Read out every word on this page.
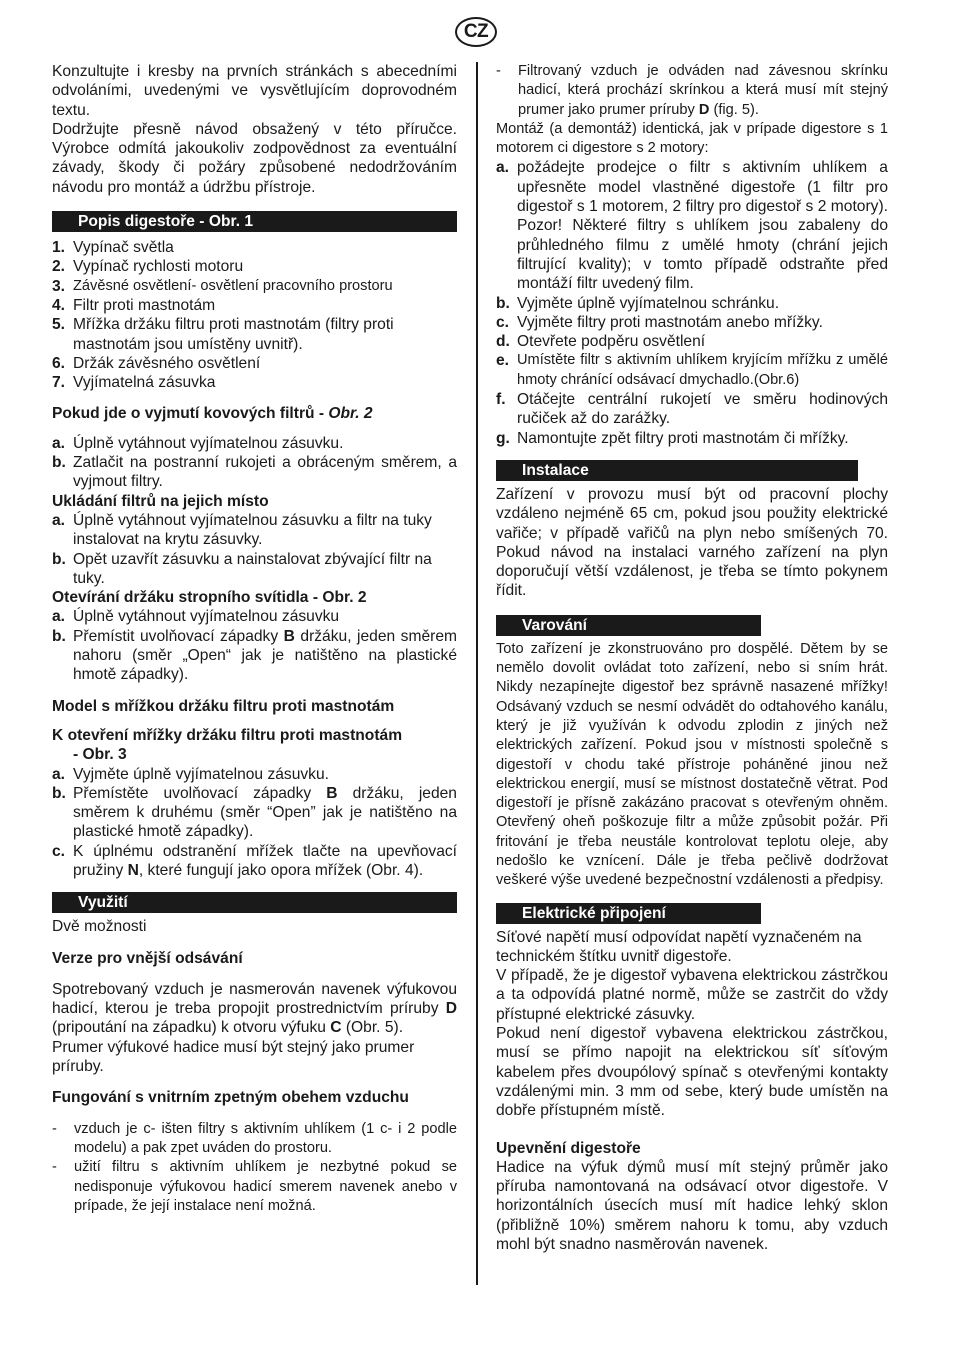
CZ

Konzultujte i kresby na prvních stránkách s abecedními odvoláními, uvedenými ve vysvětlujícím doprovodném textu.

Dodržujte přesně návod obsažený v této příručce. Výrobce odmítá jakoukoliv zodpovědnost za eventuální závady, škody či požáry způsobené nedodržováním návodu pro montáž a údržbu přístroje.

Popis digestoře - Obr. 1
1. Vypínač světla
2. Vypínač rychlosti motoru
3. Závěsné osvětlení- osvětlení pracovního prostoru
4. Filtr proti mastnotám
5. Mřížka držáku filtru proti mastnotám (filtry proti mastnotám jsou umístěny uvnitř).
6. Držák závěsného osvětlení
7. Vyjímatelná zásuvka

Pokud jde o vyjmutí kovových filtrů - Obr. 2

a. Úplně vytáhnout vyjímatelnou zásuvku.
b. Zatlačit na postranní rukojeti a obráceným směrem, a vyjmout filtry.

Ukládání filtrů na jejich místo

a. Úplně vytáhnout vyjímatelnou zásuvku a filtr na tuky instalovat na krytu zásuvky.
b. Opět uzavřít zásuvku a nainstalovat zbývající filtr na tuky.

Otevírání držáku stropního svítidla - Obr. 2

a. Úplně vytáhnout vyjímatelnou zásuvku
b. Přemístit uvolňovací západky B držáku, jeden směrem nahoru (směr „Open“ jak je natištěno na plastické hmotě západky).

Model s mřížkou držáku filtru proti mastnotám

K otevření mřížky držáku filtru proti mastnotám

- Obr. 3

a. Vyjměte úplně vyjímatelnou zásuvku.
b. Přemístěte uvolňovací západky B držáku, jeden směrem k druhému (směr “Open” jak je natištěno na plastické hmotě západky).
c. K úplnému odstranění mřížek tlačte na upevňovací pružiny N, které fungují jako opora mřížek (Obr. 4).
Využití

Dvě možnosti

Verze pro vnější odsávání

Spotrebovaný vzduch je nasmerován navenek výfukovou hadicí, kterou je treba propojit prostrednictvím príruby D (pripoutání na západku) k otvoru výfuku C (Obr. 5).

Prumer výfukové hadice musí být stejný jako prumer príruby.

Fungování s vnitrním zpetným obehem vzduchu

-	vzduch je c- išten filtry s aktivním uhlíkem (1 c- i 2 podle modelu) a pak zpet uváden do prostoru.
-	užití filtru s aktivním uhlíkem je nezbytné pokud se nedisponuje výfukovou hadicí smerem navenek anebo v prípade, že její instalace není možná.
-	Filtrovaný vzduch je odváden nad závesnou skrínku hadicí, která prochází skrínkou a která musí mít stejný prumer jako prumer príruby D (fig. 5).

Montáž (a demontáž) identická, jak v prípade digestore s 1 motorem ci digestore s 2 motory:

a. požádejte prodejce o filtr s aktivním uhlíkem a upřesněte model vlastněné digestoře (1 filtr pro digestoř s 1 motorem, 2 filtry pro digestoř s 2 motory). Pozor! Některé filtry s uhlíkem jsou zabaleny do průhledného filmu z umělé hmoty (chrání jejich filtrující kvality); v tomto případě odstraňte před montáží filtr uvedený film.
b. Vyjměte úplně vyjímatelnou schránku.
c. Vyjměte filtry proti mastnotám anebo mřížky.
d. Otevřete podpěru osvětlení
e. Umístěte filtr s aktivním uhlíkem kryjícím mřížku z umělé hmoty chránící odsávací dmychadlo.(Obr.6)
f. Otáčejte centrální rukojetí ve směru hodinových ručiček až do zarážky.
g. Namontujte zpět filtry proti mastnotám či mřížky.
Instalace

Zařízení v provozu musí být od pracovní plochy vzdáleno nejméně 65 cm, pokud jsou použity elektrické vařiče; v případě vařičů na plyn nebo smíšených 70. Pokud návod na instalaci varného zařízení na plyn doporučují větší vzdálenost, je třeba se tímto pokynem řídit.

Varování

Toto zařízení je zkonstruováno pro dospělé. Dětem by se nemělo dovolit ovládat toto zařízení, nebo si sním hrát. Nikdy nezapínejte digestoř bez správně nasazené mřížky! Odsávaný vzduch se nesmí odvádět do odtahového kanálu, který je již využíván k odvodu zplodin z jiných než elektrických zařízení. Pokud jsou v místnosti společně s digestoří v chodu také přístroje poháněné jinou než elektrickou energií, musí se místnost dostatečně větrat. Pod digestoří je přísně zakázáno pracovat s otevřeným ohněm. Otevřený oheň poškozuje filtr a může způsobit požár. Při fritování je třeba neustále kontrolovat teplotu oleje, aby nedošlo ke vznícení. Dále je třeba pečlivě dodržovat veškeré výše uvedené bezpečnostní vzdálenosti a předpisy.

Elektrické připojení

Síťové napětí musí odpovídat napětí vyznačeném na technickém štítku uvnitř digestoře.

V případě, že je digestoř vybavena elektrickou zástrčkou a ta odpovídá platné normě, může se zastrčit do vždy přístupné elektrické zásuvky.

Pokud není digestoř vybavena elektrickou zástrčkou, musí se přímo napojit na elektrickou síť síťovým kabelem přes dvoupólový spínač s otevřenými kontakty vzdálenými min. 3 mm od sebe, který bude umístěn na dobře přístupném místě.

Upevnění digestoře

Hadice na výfuk dýmů musí mít stejný průměr jako příruba namontovaná na odsávací otvor digestoře. V horizontálních úsecích musí mít hadice lehký sklon (přibližně 10%) směrem nahoru k tomu, aby vzduch mohl být snadno nasměrován navenek.
